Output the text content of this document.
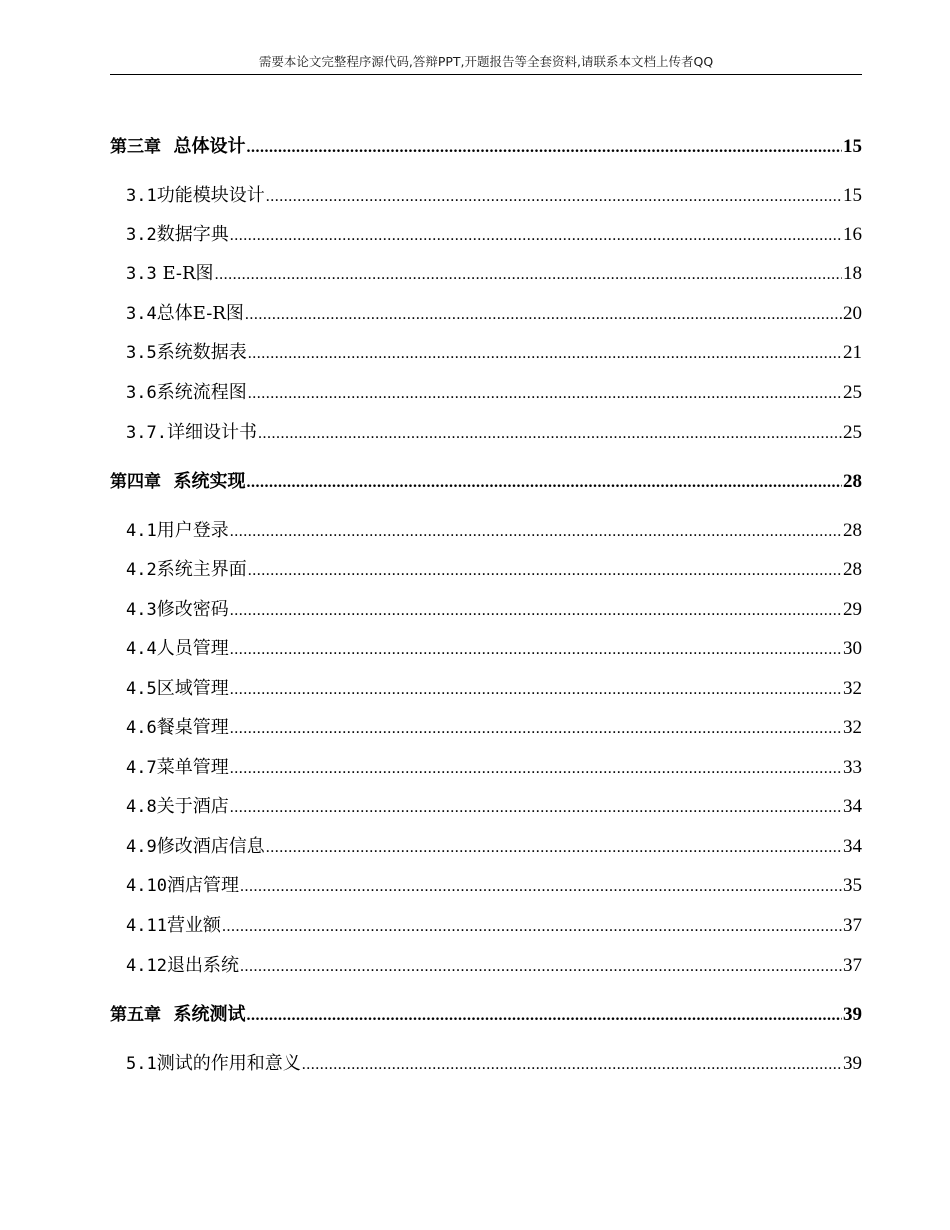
需要本论文完整程序源代码,答辩PPT,开题报告等全套资料,请联系本文档上传者QQ
第三章 总体设计 .....	15
3.1功能模块设计 .....	15
3.2数据字典 .....	16
3.3 E-R图 .....	18
3.4总体E-R图 .....	20
3.5系统数据表 .....	21
3.6系统流程图 .....	25
3.7.详细设计书 .....	25
第四章 系统实现 .....	28
4.1用户登录 .....	28
4.2系统主界面 .....	28
4.3修改密码 .....	29
4.4人员管理 .....	30
4.5区域管理 .....	32
4.6餐桌管理 .....	32
4.7菜单管理 .....	33
4.8关于酒店 .....	34
4.9修改酒店信息 .....	34
4.10酒店管理 .....	35
4.11营业额 .....	37
4.12退出系统 .....	37
第五章 系统测试 .....	39
5.1测试的作用和意义 .....	39
